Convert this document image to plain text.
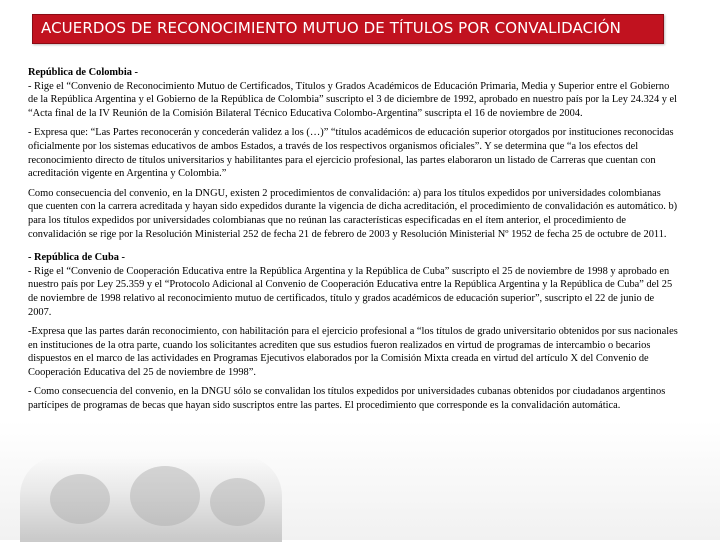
ACUERDOS DE RECONOCIMIENTO MUTUO DE TÍTULOS POR CONVALIDACIÓN

República de Colombia -
- Rige el “Convenio de Reconocimiento Mutuo de Certificados, Títulos y Grados Académicos de Educación Primaria, Media y Superior entre el Gobierno de la República Argentina y el Gobierno de la República de Colombia” suscripto el 3 de diciembre de 1992, aprobado en nuestro país por la Ley 24.324 y el “Acta final de la IV Reunión de la Comisión Bilateral Técnico Educativa Colombo-Argentina” suscripta el 16 de noviembre de 2004.

- Expresa que: “Las Partes reconocerán y concederán validez a los (…)” “títulos académicos de educación superior otorgados por instituciones reconocidas oficialmente por los sistemas educativos de ambos Estados, a través de los respectivos organismos oficiales”. Y se determina que “a los efectos del reconocimiento directo de títulos universitarios y habilitantes para el ejercicio profesional, las partes elaboraron un listado de Carreras que cuentan con acreditación vigente en Argentina y Colombia.”

Como consecuencia del convenio, en la DNGU, existen 2 procedimientos de convalidación: a) para los títulos expedidos por universidades colombianas que cuenten con la carrera acreditada y hayan sido expedidos durante la vigencia de dicha acreditación, el procedimiento de convalidación es automático. b) para los títulos expedidos por universidades colombianas que no reúnan las características especificadas en el ítem anterior, el procedimiento de convalidación se rige por la Resolución Ministerial 252 de fecha 21 de febrero de 2003 y Resolución Ministerial Nº 1952 de fecha 25 de octubre de 2011.

- República de Cuba -
- Rige el “Convenio de Cooperación Educativa entre la República Argentina y la República de Cuba” suscripto el 25 de noviembre de 1998 y aprobado en nuestro país por Ley 25.359 y el “Protocolo Adicional al Convenio de Cooperación Educativa entre la República Argentina y la República de Cuba” del 25 de noviembre de 1998 relativo al reconocimiento mutuo de certificados, título y grados académicos de educación superior”, suscripto el 22 de junio de 2007.

-Expresa que las partes darán reconocimiento, con habilitación para el ejercicio profesional a “los títulos de grado universitario obtenidos por sus nacionales en instituciones de la otra parte, cuando los solicitantes acrediten que sus estudios fueron realizados en virtud de programas de intercambio o becarios dispuestos en el marco de las actividades en Programas Ejecutivos elaborados por la Comisión Mixta creada en virtud del artículo X del Convenio de Cooperación Educativa del 25 de noviembre de 1998”.

- Como consecuencia del convenio, en la DNGU sólo se convalidan los títulos expedidos por universidades cubanas obtenidos por ciudadanos argentinos partícipes de programas de becas que hayan sido suscriptos entre las partes. El procedimiento que corresponde es la convalidación automática.
